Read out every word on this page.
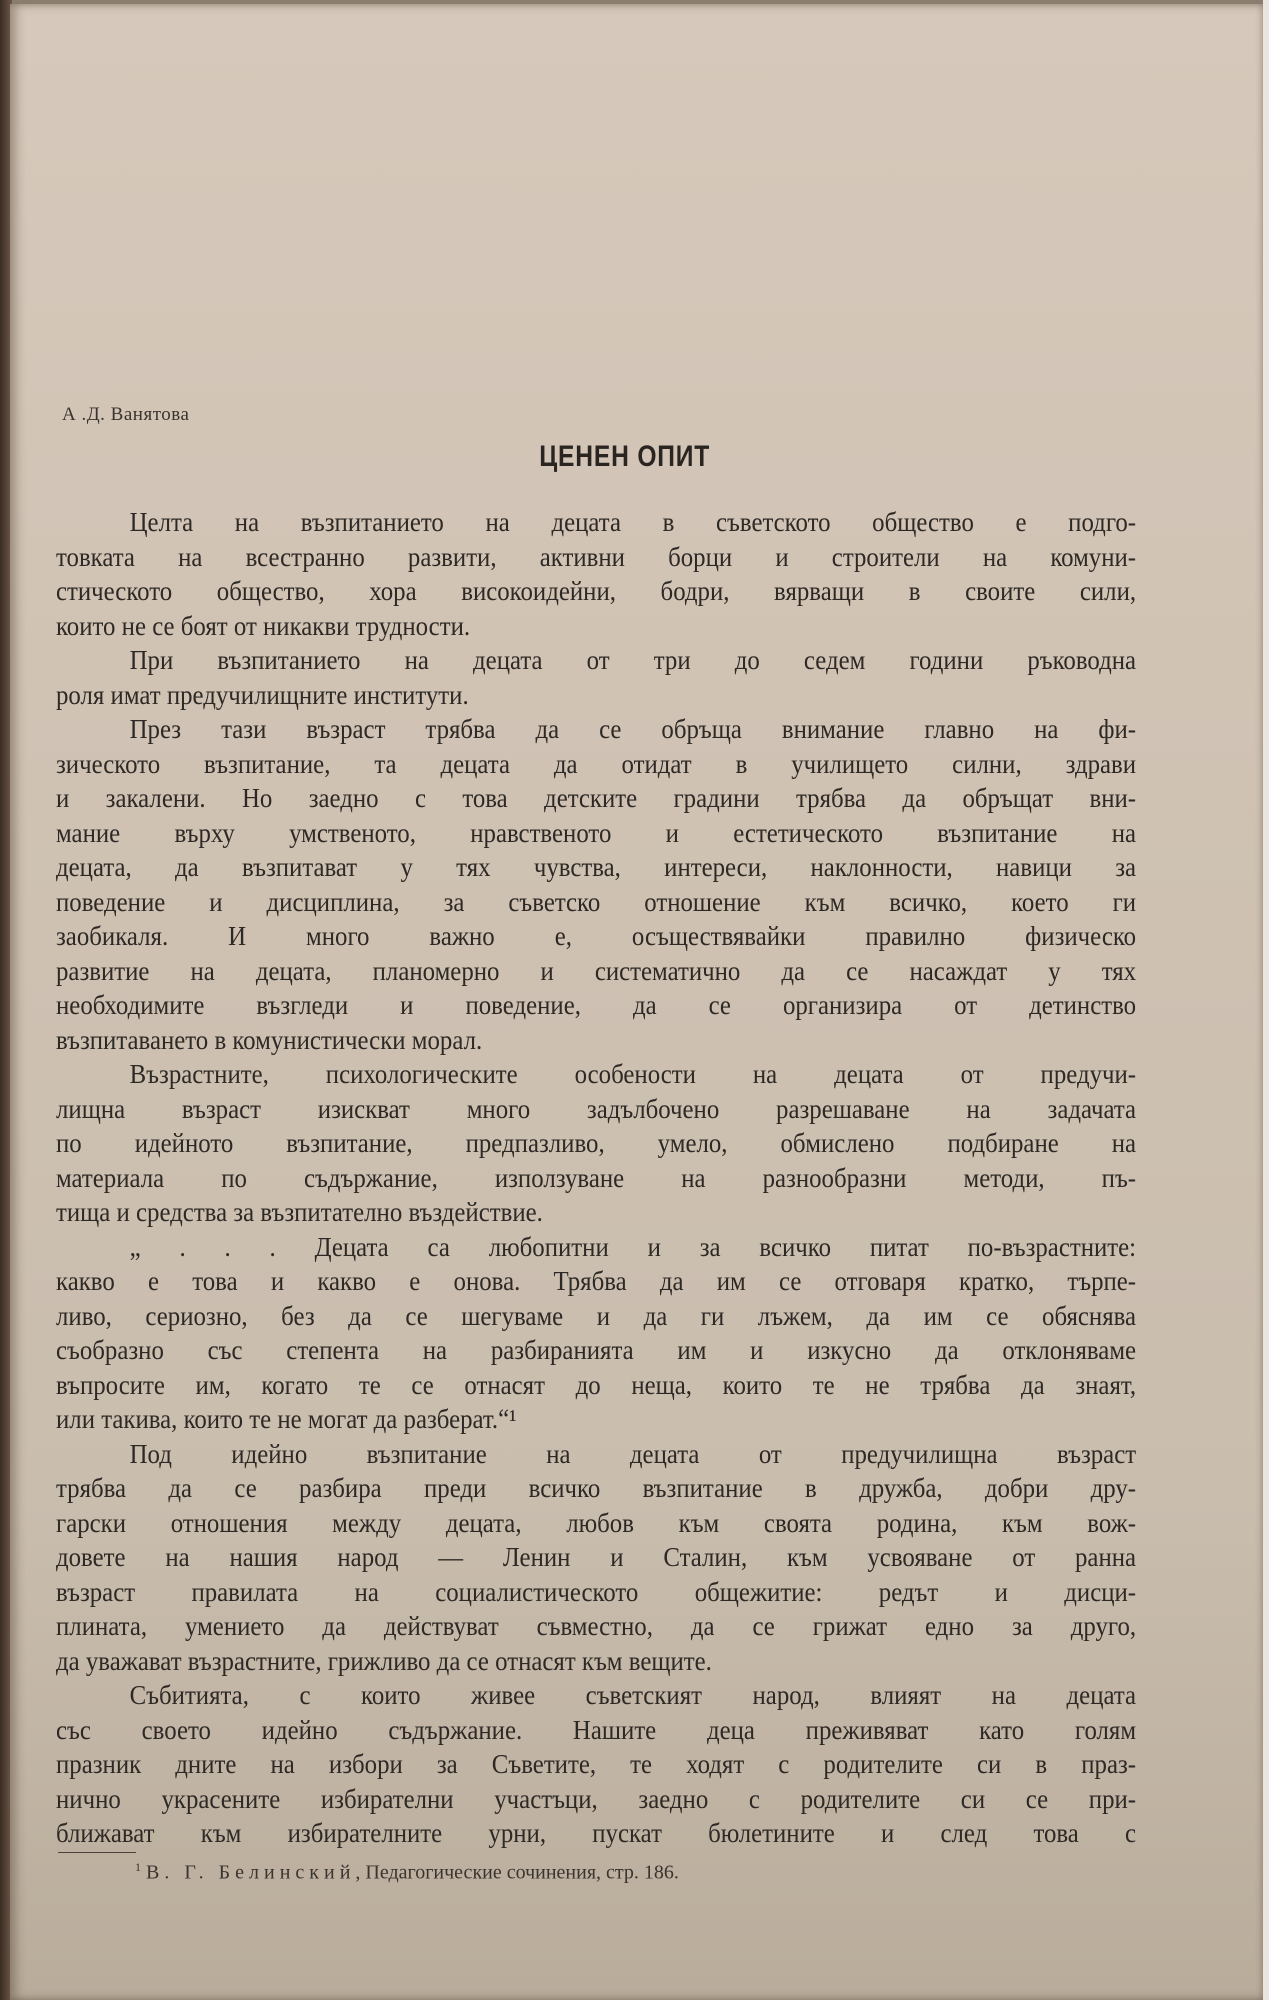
А .Д. Ванятова
ЦЕНЕН ОПИТ
Целта на възпитанието на децата в съветското общество е подго-
товката на всестранно развити, активни борци и строители на комуни-
стическото общество, хора високоидейни, бодри, вярващи в своите сили,
които не се боят от никакви трудности.
При възпитанието на децата от три до седем години ръководна
роля имат предучилищните институти.
През тази възраст трябва да се обръща внимание главно на фи-
зическото възпитание, та децата да отидат в училището силни, здрави
и закалени. Но заедно с това детските градини трябва да обръщат вни-
мание върху умственото, нравственото и естетическото възпитание на
децата, да възпитават у тях чувства, интереси, наклонности, навици за
поведение и дисциплина, за съветско отношение към всичко, което ги
заобикаля. И много важно е, осъществявайки правилно физическо
развитие на децата, планомерно и систематично да се насаждат у тях
необходимите възгледи и поведение, да се организира от детинство
възпитаването в комунистически морал.
Възрастните, психологическите особености на децата от предучи-
лищна възраст изискват много задълбочено разрешаване на задачата
по идейното възпитание, предпазливо, умело, обмислено подбиране на
материала по съдържание, използуване на разнообразни методи, пъ-
тища и средства за възпитателно въздействие.
„ . . . Децата са любопитни и за всичко питат по-възрастните:
какво е това и какво е онова. Трябва да им се отговаря кратко, търпе-
ливо, сериозно, без да се шегуваме и да ги лъжем, да им се обяснява
съобразно със степента на разбиранията им и изкусно да отклоняваме
въпросите им, когато те се отнасят до неща, които те не трябва да знаят,
или такива, които те не могат да разберат.“¹
Под идейно възпитание на децата от предучилищна възраст
трябва да се разбира преди всичко възпитание в дружба, добри дру-
гарски отношения между децата, любов към своята родина, към вож-
довете на нашия народ — Ленин и Сталин, към усвояване от ранна
възраст правилата на социалистическото общежитие: редът и дисци-
плината, умението да действуват съвместно, да се грижат едно за друго,
да уважават възрастните, грижливо да се отнасят към вещите.
Събитията, с които живее съветският народ, влияят на децата
със своето идейно съдържание. Нашите деца преживяват като голям
празник дните на избори за Съветите, те ходят с родителите си в праз-
нично украсените избирателни участъци, заедно с родителите си се при-
ближават към избирателните урни, пускат бюлетините и след това с
$^1$ В. Г. Белинский, Педагогические сочинения, стр. 186.
